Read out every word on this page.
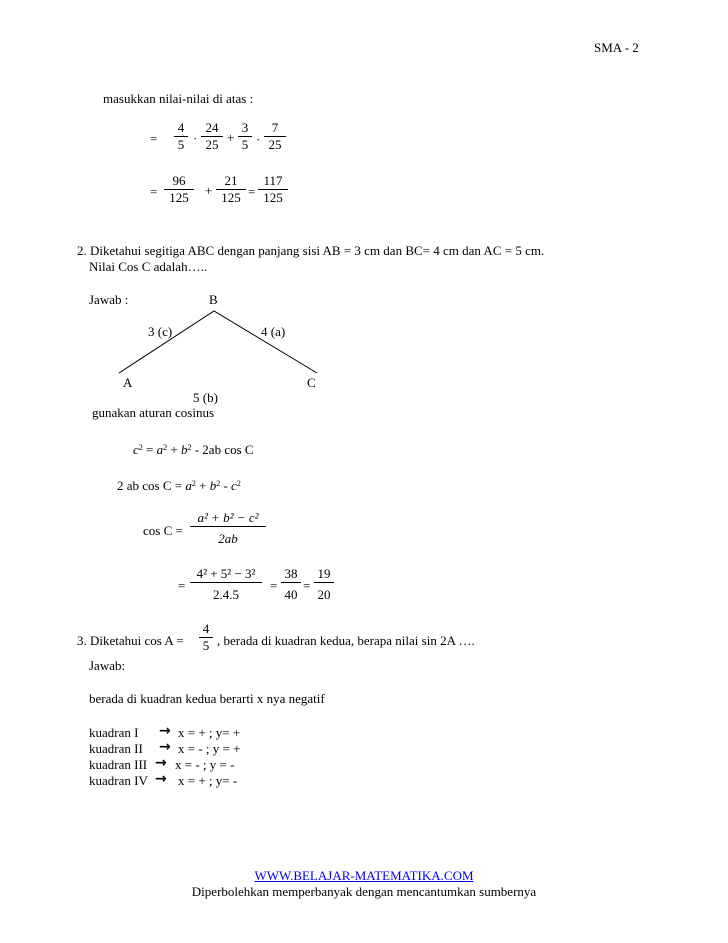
SMA - 2
masukkan nilai-nilai di atas :
= $\frac{4}{5} \cdot \frac{24}{25} + \frac{3}{5} \cdot \frac{7}{25}$
= $\frac{96}{125} + \frac{21}{125} = \frac{117}{125}$
2. Diketahui segitiga ABC dengan panjang sisi AB = 3 cm dan BC= 4 cm dan AC = 5 cm.
Nilai Cos C adalah…..
Jawab :	B
3 (c)	4 (a)
A	C
5 (b)
gunakan aturan cosinus
$c^2 = a^2 + b^2 - 2ab$ cos C
2 ab $\cos C = a^2 + b^2 - c^2$
$\cos C = \frac{\text{a² + b² − c²}}{2ab}$
= $\frac{\text{4² + 5² − 3²}}{2.4.5} = \frac{38}{40} = \frac{19}{20}$
3. Diketahui $\cos A = \frac{4}{5}$ , berada di kuadran kedua, berapa nilai sin 2A ….
Jawab:
berada di kuadran kedua berarti x nya negatif
kuadran I → x = + ; y= +
kuadran II → x = - ; y = +
kuadran III → x = - ; y = -
kuadran IV → x = + ; y= -
WWW.BELAJAR-MATEMATIKA.COM
Diperbolehkan memperbanyak dengan mencantumkan sumbernya
